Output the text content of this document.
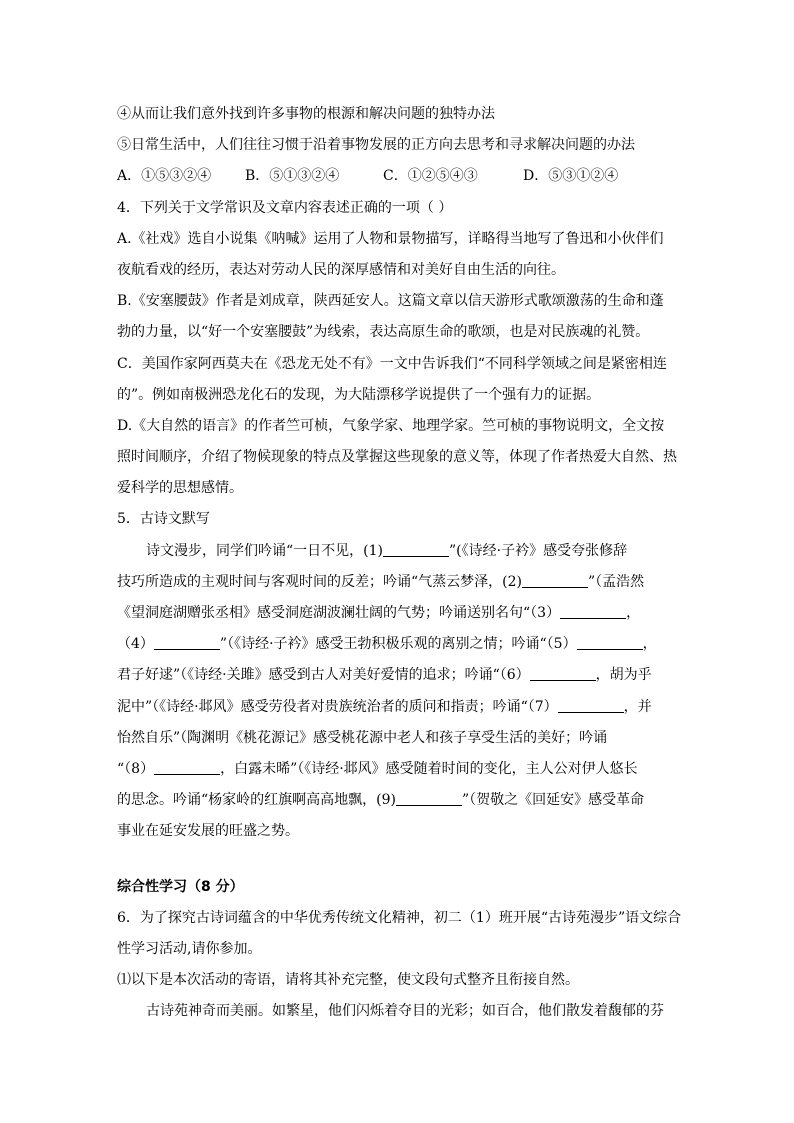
④从而让我们意外找到许多事物的根源和解决问题的独特办法
⑤日常生活中，人们往往习惯于沿着事物发展的正方向去思考和寻求解决问题的办法
A．①⑤③②④ B．⑤①③②④	C．①②⑤④③	D．⑤③①②④
4．下列关于文学常识及文章内容表述正确的一项（ ）
A.《社戏》选自小说集《呐喊》运用了人物和景物描写，详略得当地写了鲁迅和小伙伴们
夜航看戏的经历，表达对劳动人民的深厚感情和对美好自由生活的向往。
B.《安塞腰鼓》作者是刘成章，陕西延安人。这篇文章以信天游形式歌颂激荡的生命和蓬
勃的力量，以“好一个安塞腰鼓”为线索，表达高原生命的歌颂，也是对民族魂的礼赞。
C．美国作家阿西莫夫在《恐龙无处不有》一文中告诉我们“不同科学领域之间是紧密相连
的”。例如南极洲恐龙化石的发现，为大陆漂移学说提供了一个强有力的证据。
D.《大自然的语言》的作者竺可桢，气象学家、地理学家。竺可桢的事物说明文，全文按
照时间顺序，介绍了物候现象的特点及掌握这些现象的意义等，体现了作者热爱大自然、热
爱科学的思想感情。
5．古诗文默写
诗文漫步，同学们吟诵“一日不见，(1)	”(《诗经·子衿》感受夸张修辞
技巧所造成的主观时间与客观时间的反差；吟诵“气蒸云梦泽，(2)	”（孟浩然
《望洞庭湖赠张丞相》感受洞庭湖波澜壮阔的气势；吟诵送别名句“（3）	，
（4）	”（《诗经·子衿》感受王勃积极乐观的离别之情；吟诵“（5）	，
君子好逑”（《诗经·关雎》感受到古人对美好爱情的追求；吟诵“（6）	，胡为乎
泥中”（《诗经·邶风》感受劳役者对贵族统治者的质问和指责；吟诵“（7）	，并
怡然自乐”（陶渊明《桃花源记》感受桃花源中老人和孩子享受生活的美好；吟诵
“（8）	，白露未晞”（《诗经·邶风》感受随着时间的变化，主人公对伊人悠长
的思念。吟诵“杨家岭的红旗啊高高地飘，(9)	”（贺敬之《回延安》感受革命
事业在延安发展的旺盛之势。
综合性学习（8 分）
6．为了探究古诗词蕴含的中华优秀传统文化精神，初二（1）班开展“古诗苑漫步”语文综合
性学习活动,请你参加。
⑴以下是本次活动的寄语，请将其补充完整，使文段句式整齐且衔接自然。
古诗苑神奇而美丽。如繁星，他们闪烁着夺目的光彩；如百合，他们散发着馥郁的芬
